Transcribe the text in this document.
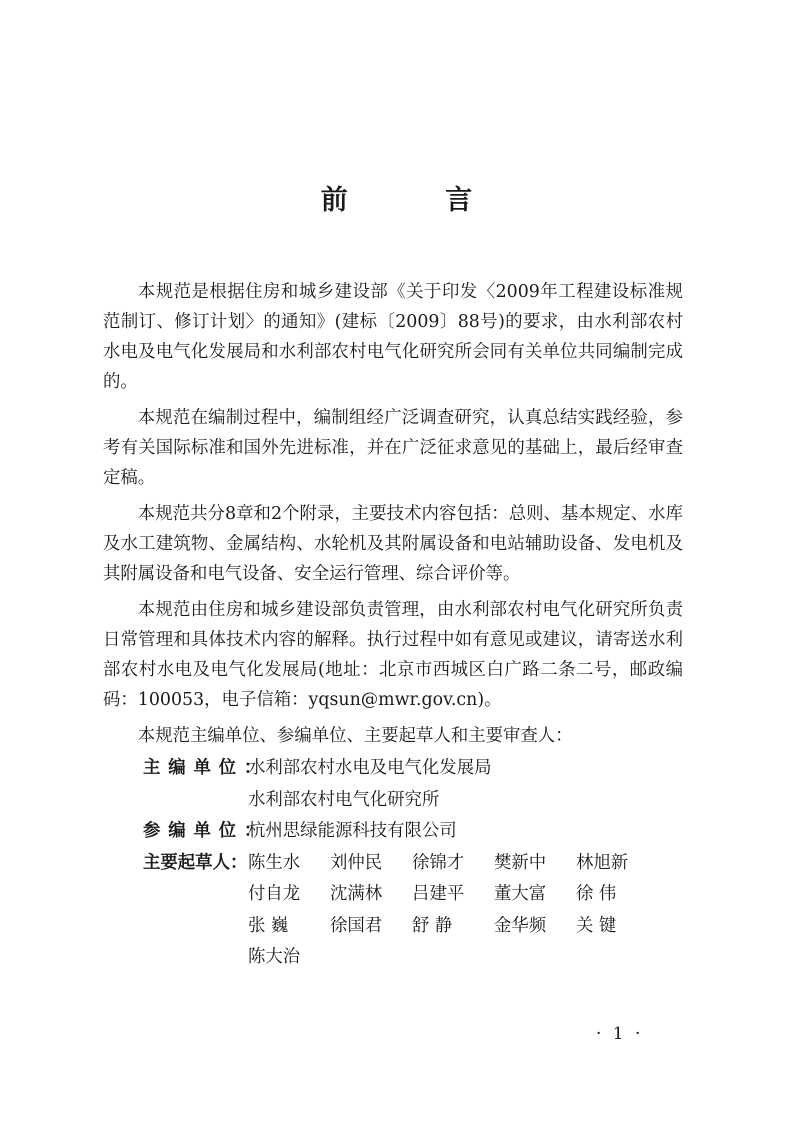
前 言

本规范是根据住房和城乡建设部《关于印发〈2009年工程建设标准规范制订、修订计划〉的通知》(建标〔2009〕88号)的要求，由水利部农村水电及电气化发展局和水利部农村电气化研究所会同有关单位共同编制完成的。

本规范在编制过程中，编制组经广泛调查研究，认真总结实践经验，参考有关国际标准和国外先进标准，并在广泛征求意见的基础上，最后经审查定稿。

本规范共分8章和2个附录，主要技术内容包括：总则、基本规定、水库及水工建筑物、金属结构、水轮机及其附属设备和电站辅助设备、发电机及其附属设备和电气设备、安全运行管理、综合评价等。

本规范由住房和城乡建设部负责管理，由水利部农村电气化研究所负责日常管理和具体技术内容的解释。执行过程中如有意见或建议，请寄送水利部农村水电及电气化发展局(地址：北京市西城区白广路二条二号，邮政编码：100053，电子信箱：yqsun@mwr.gov.cn)。

本规范主编单位、参编单位、主要起草人和主要审查人：

主编单位：
水利部农村水电及电气化发展局
水利部农村电气化研究所
参编单位：
杭州思绿能源科技有限公司
主要起草人： 陈生水	刘仲民	徐锦才	樊新中	林旭新
付自龙	沈满林	吕建平	董大富	徐 伟
张 巍	徐国君	舒 静	金华频	关 键
陈大治
· 1 ·
